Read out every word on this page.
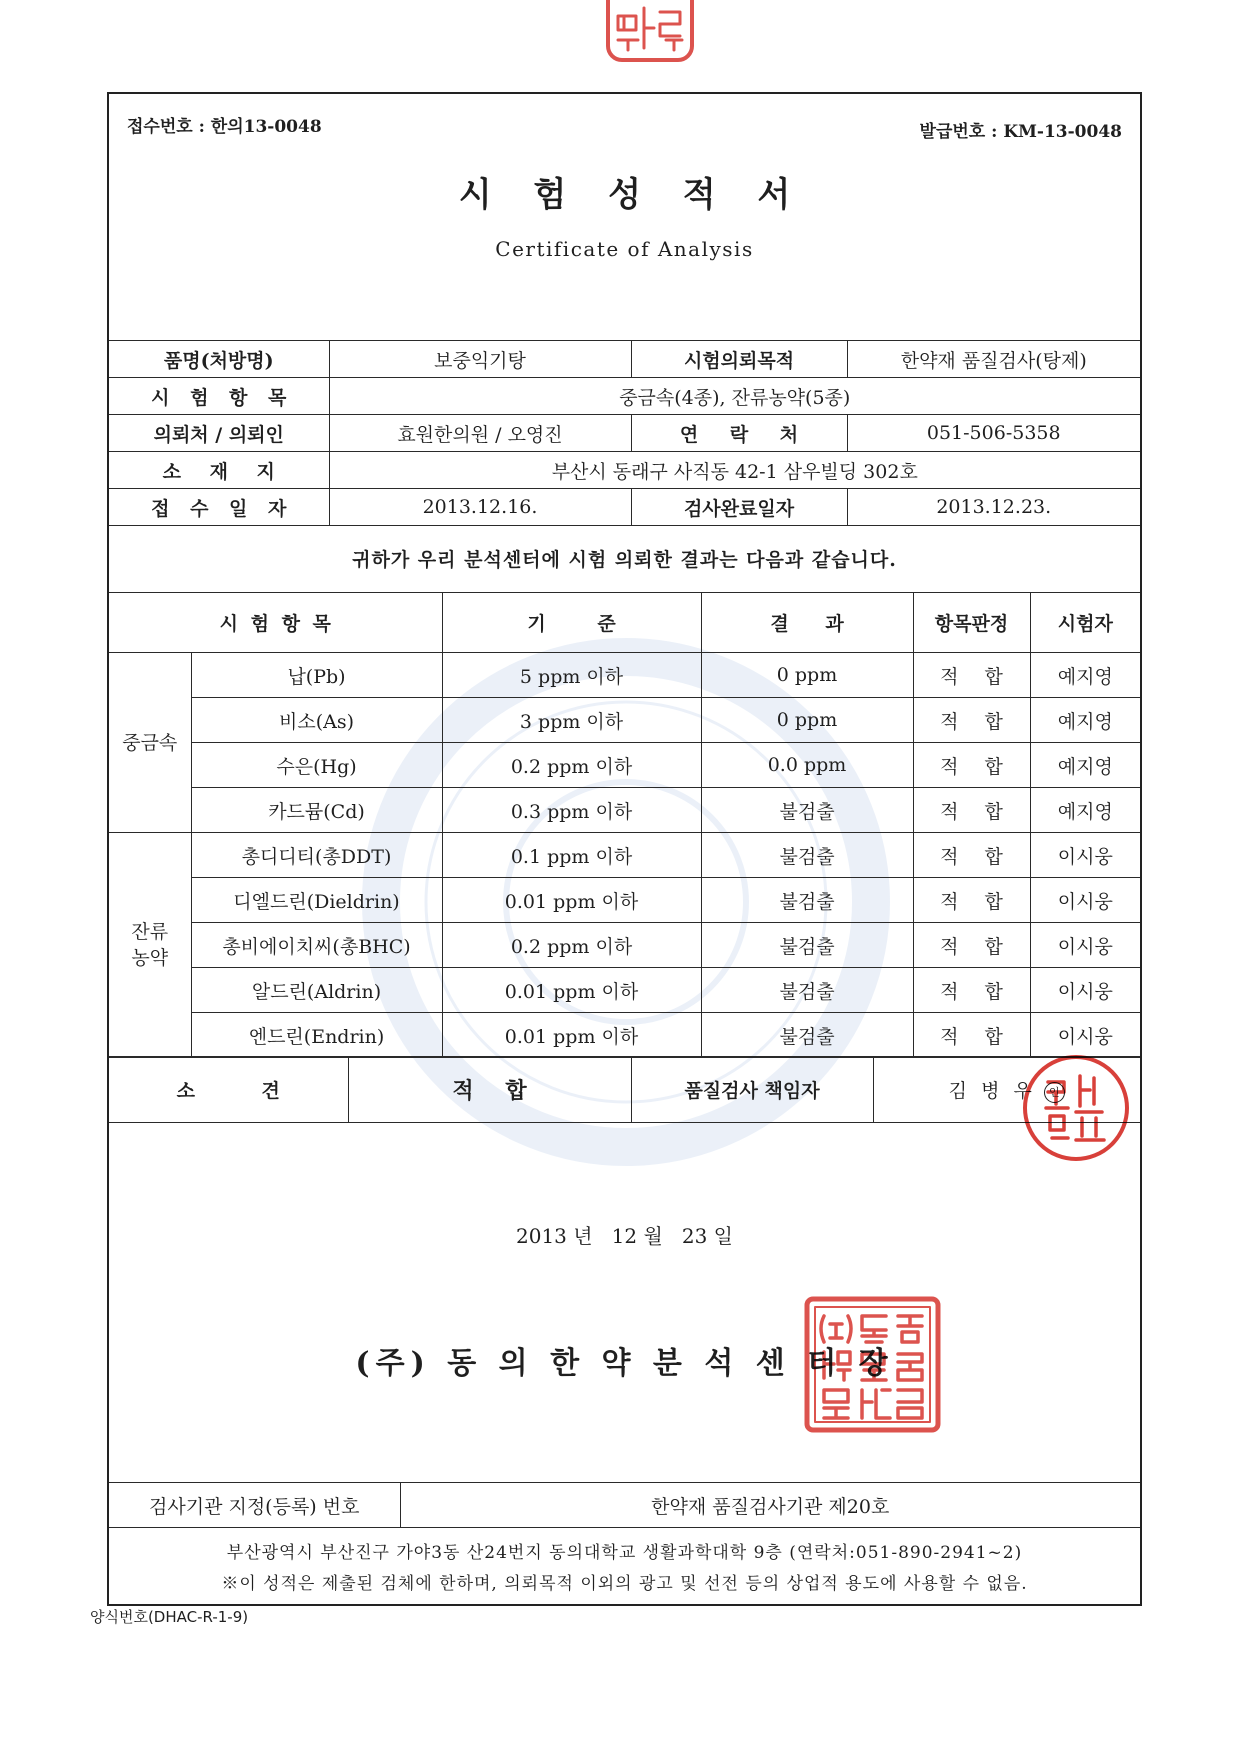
접수번호 : 한의13-0048	발급번호 : KM-13-0048
시 험 성 적 서
Certificate of Analysis
품명(처방명)	보중익기탕	시험의뢰목적	한약재 품질검사(탕제)
시 험 항 목	중금속(4종), 잔류농약(5종)		
의뢰처 / 의뢰인	효원한의원 / 오영진	연 락 처	051-506-5358
소 재 지	부산시 동래구 사직동 42-1 삼우빌딩 302호		
접 수 일 자	2013.12.16.	검사완료일자	2013.12.23.
귀하가 우리 분석센터에 시험 의뢰한 결과는 다음과 같습니다.
시 험 항 목		기 준	결 과	항목판정	시험자
중금속	납(Pb)	5 ppm 이하	0 ppm	적 합	예지영
	비소(As)	3 ppm 이하	0 ppm	적 합	예지영
	수은(Hg)	0.2 ppm 이하	0.0 ppm	적 합	예지영
	카드뮴(Cd)	0.3 ppm 이하	불검출	적 합	예지영
잔류
농약	총디디티(총DDT)	0.1 ppm 이하	불검출	적 합	이시웅
	디엘드린(Dieldrin)	0.01 ppm 이하	불검출	적 합	이시웅
	총비에이치씨(총BHC)	0.2 ppm 이하	불검출	적 합	이시웅
	알드린(Aldrin)	0.01 ppm 이하	불검출	적 합	이시웅
	엔드린(Endrin)	0.01 ppm 이하	불검출	적 합	이시웅
소 견	적 합	품질검사 책임자	김 병 우 인
2013 년   12 월   23 일
(주) 동 의 한 약 분 석 센 터 장
검사기관 지정(등록) 번호	한약재 품질검사기관 제20호

부산광역시 부산진구 가야3동 산24번지 동의대학교 생활과학대학 9층 (연락처:051-890-2941~2)
※이 성적은 제출된 검체에 한하며, 의뢰목적 이외의 광고 및 선전 등의 상업적 용도에 사용할 수 없음.
양식번호(DHAC-R-1-9)
